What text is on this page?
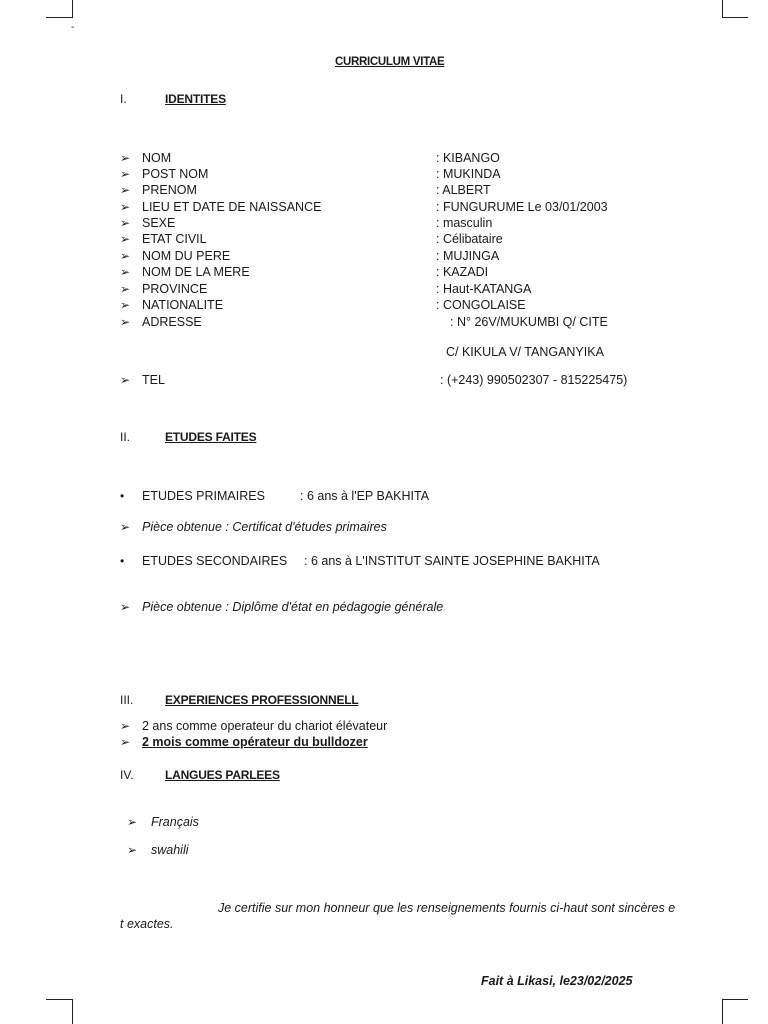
-
CURRICULUM VITAE
I.	IDENTITES
➢ NOM	: KIBANGO
➢ POST NOM	: MUKINDA
➢ PRENOM	: ALBERT
➢ LIEU ET DATE DE NAISSANCE	: FUNGURUME Le 03/01/2003
➢ SEXE	: masculin
➢ ETAT CIVIL	: Célibataire
➢ NOM DU PERE	: MUJINGA
➢ NOM DE LA MERE	: KAZADI
➢ PROVINCE	: Haut-KATANGA
➢ NATIONALITE	: CONGOLAISE
➢ ADRESSE	: N° 26V/MUKUMBI Q/ CITE
C/ KIKULA V/ TANGANYIKA
➢ TEL	: (+243) 990502307 - 815225475)
II.	ETUDES FAITES
• ETUDES PRIMAIRES	: 6 ans à l'EP BAKHITA
➢ Pièce obtenue : Certificat d'études primaires
• ETUDES SECONDAIRES : 6 ans à L'INSTITUT SAINTE JOSEPHINE BAKHITA
➢ Pièce obtenue : Diplôme d'état en pédagogie générale
III.	EXPERIENCES PROFESSIONNELL
➢ 2 ans comme operateur du chariot élévateur
➢ 2 mois comme opérateur du bulldozer
IV.	LANGUES PARLEES
➢ Français
➢ swahili
Je certifie sur mon honneur que les renseignements fournis ci-haut sont sincères e
t exactes.
Fait à Likasi, le23/02/2025
